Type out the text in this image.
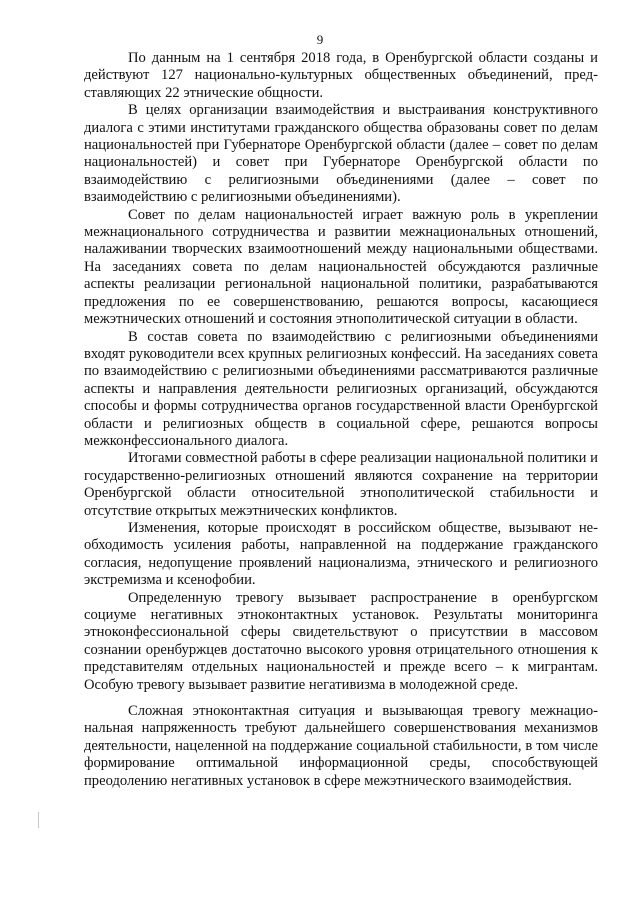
9

По данным на 1 сентября 2018 года, в Оренбургской области созданы и действуют 127 национально-культурных общественных объединений, представляющих 22 этнические общности.

В целях организации взаимодействия и выстраивания конструктивного диалога с этими институтами гражданского общества образованы совет по делам национальностей при Губернаторе Оренбургской области (далее – совет по делам национальностей) и совет при Губернаторе Оренбургской области по взаимодействию с религиозными объединениями (далее – совет по взаимодействию с религиозными объединениями).

Совет по делам национальностей играет важную роль в укреплении межнационального сотрудничества и развитии межнациональных отношений, налаживании творческих взаимоотношений между национальными обществами. На заседаниях совета по делам национальностей обсуждаются различные аспекты реализации региональной национальной политики, разрабатываются предложения по ее совершенствованию, решаются вопросы, касающиеся межэтнических отношений и состояния этнополитической ситуации в области.

В состав совета по взаимодействию с религиозными объединениями входят руководители всех крупных религиозных конфессий. На заседаниях совета по взаимодействию с религиозными объединениями рассматриваются различные аспекты и направления деятельности религиозных организаций, обсуждаются способы и формы сотрудничества органов государственной власти Оренбургской области и религиозных обществ в социальной сфере, решаются вопросы межконфессионального диалога.

Итогами совместной работы в сфере реализации национальной политики и государственно-религиозных отношений являются сохранение на территории Оренбургской области относительной этнополитической стабильности и отсутствие открытых межэтнических конфликтов.

Изменения, которые происходят в российском обществе, вызывают необходимость усиления работы, направленной на поддержание гражданского согласия, недопущение проявлений национализма, этнического и религиозного экстремизма и ксенофобии.

Определенную тревогу вызывает распространение в оренбургском социуме негативных этноконтактных установок. Результаты мониторинга этноконфессиональной сферы свидетельствуют о присутствии в массовом сознании оренбуржцев достаточно высокого уровня отрицательного отношения к представителям отдельных национальностей и прежде всего – к мигрантам. Особую тревогу вызывает развитие негативизма в молодежной среде.

Сложная этноконтактная ситуация и вызывающая тревогу межнациональная напряженность требуют дальнейшего совершенствования механизмов деятельности, нацеленной на поддержание социальной стабильности, в том числе формирование оптимальной информационной среды, способствующей преодолению негативных установок в сфере межэтнического взаимодействия.
